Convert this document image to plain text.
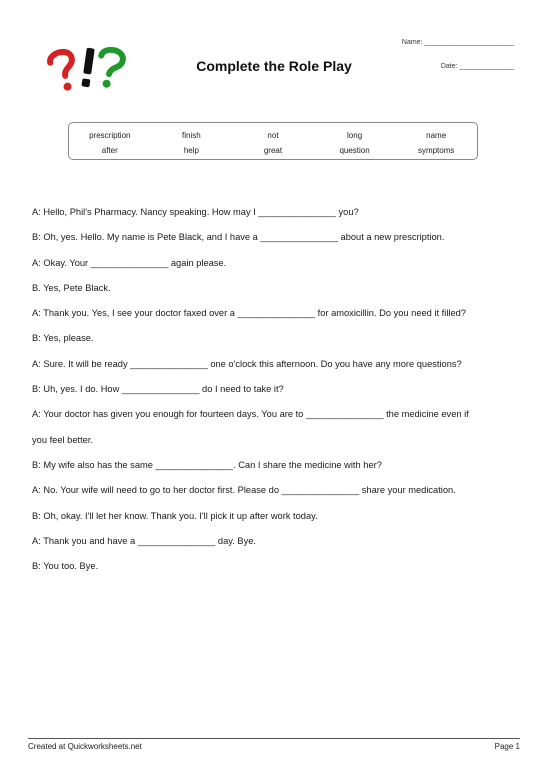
Name: _______________________
Date: ______________
Complete the Role Play
prescription	finish	not	long	name
after	help	great	question	symptoms
A: Hello, Phil's Pharmacy. Nancy speaking. How may I _______________ you?
B: Oh, yes. Hello. My name is Pete Black, and I have a _______________ about a new prescription.
A: Okay. Your _______________ again please.
B. Yes, Pete Black.
A: Thank you. Yes, I see your doctor faxed over a _______________ for amoxicillin. Do you need it filled?
B: Yes, please.
A: Sure. It will be ready _______________ one o'clock this afternoon. Do you have any more questions?
B: Uh, yes. I do. How _______________ do I need to take it?
A: Your doctor has given you enough for fourteen days. You are to _______________ the medicine even if
you feel better.
B: My wife also has the same _______________. Can I share the medicine with her?
A: No. Your wife will need to go to her doctor first. Please do _______________ share your medication.
B: Oh, okay. I'll let her know. Thank you. I'll pick it up after work today.
A: Thank you and have a _______________ day. Bye.
B: You too. Bye.
Created at Quickworksheets.net	Page 1
